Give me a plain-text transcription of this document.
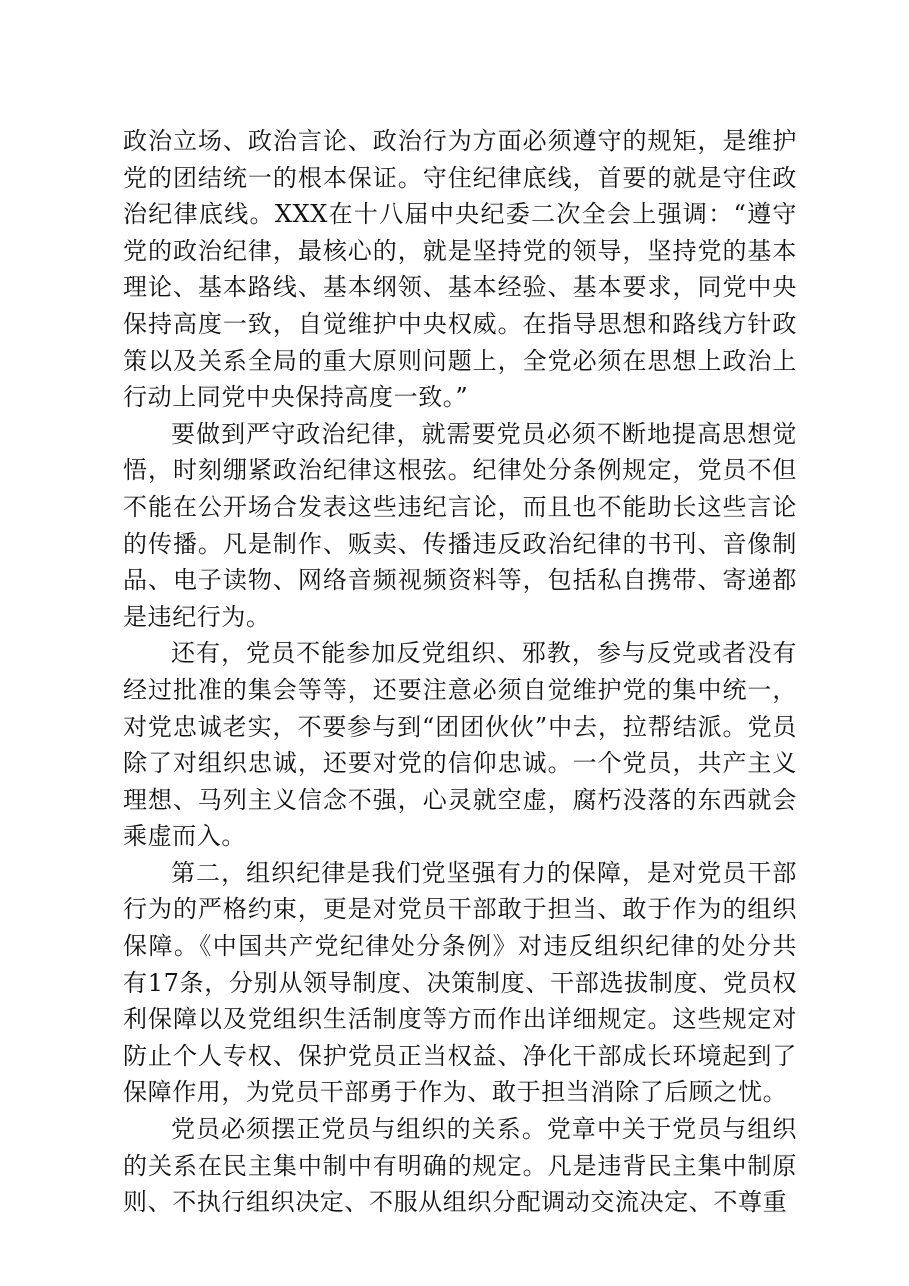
政治立场、政治言论、政治行为方面必须遵守的规矩，是维护党的团结统一的根本保证。守住纪律底线，首要的就是守住政治纪律底线。XXX在十八届中央纪委二次全会上强调：“遵守党的政治纪律，最核心的，就是坚持党的领导，坚持党的基本理论、基本路线、基本纲领、基本经验、基本要求，同党中央保持高度一致，自觉维护中央权威。在指导思想和路线方针政策以及关系全局的重大原则问题上，全党必须在思想上政治上行动上同党中央保持高度一致。”

要做到严守政治纪律，就需要党员必须不断地提高思想觉悟，时刻绷紧政治纪律这根弦。纪律处分条例规定，党员不但不能在公开场合发表这些违纪言论，而且也不能助长这些言论的传播。凡是制作、贩卖、传播违反政治纪律的书刊、音像制品、电子读物、网络音频视频资料等，包括私自携带、寄递都是违纪行为。

还有，党员不能参加反党组织、邪教，参与反党或者没有经过批准的集会等等，还要注意必须自觉维护党的集中统一，对党忠诚老实，不要参与到“团团伙伙”中去，拉帮结派。党员除了对组织忠诚，还要对党的信仰忠诚。一个党员，共产主义理想、马列主义信念不强，心灵就空虚，腐朽没落的东西就会乘虚而入。

第二，组织纪律是我们党坚强有力的保障，是对党员干部行为的严格约束，更是对党员干部敢于担当、敢于作为的组织保障。《中国共产党纪律处分条例》对违反组织纪律的处分共有17条，分别从领导制度、决策制度、干部选拔制度、党员权利保障以及党组织生活制度等方而作出详细规定。这些规定对防止个人专权、保护党员正当权益、净化干部成长环境起到了保障作用，为党员干部勇于作为、敢于担当消除了后顾之忧。

党员必须摆正党员与组织的关系。党章中关于党员与组织的关系在民主集中制中有明确的规定。凡是违背民主集中制原则、不执行组织决定、不服从组织分配调动交流决定、不尊重
